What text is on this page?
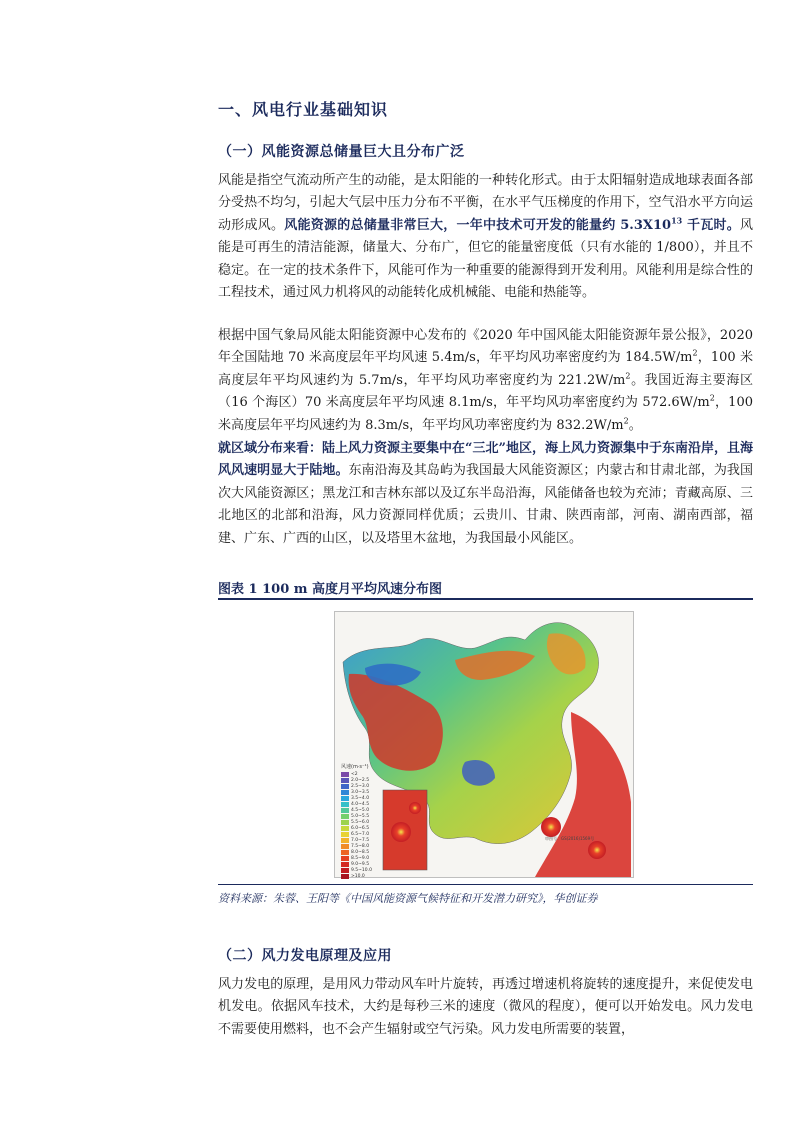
一、风电行业基础知识
（一）风能资源总储量巨大且分布广泛

风能是指空气流动所产生的动能，是太阳能的一种转化形式。由于太阳辐射造成地球表面各部分受热不均匀，引起大气层中压力分布不平衡，在水平气压梯度的作用下，空气沿水平方向运动形成风。风能资源的总储量非常巨大，一年中技术可开发的能量约 $5.3X10^{13}$ 千瓦时。风能是可再生的清洁能源，储量大、分布广，但它的能量密度低（只有水能的 1/800），并且不稳定。在一定的技术条件下，风能可作为一种重要的能源得到开发利用。风能利用是综合性的工程技术，通过风力机将风的动能转化成机械能、电能和热能等。

根据中国气象局风能太阳能资源中心发布的《2020 年中国风能太阳能资源年景公报》，2020 年全国陆地 70 米高度层年平均风速 5.4m/s，年平均风功率密度约为 $184.5W/m^2$，100 米高度层年平均风速约为 5.7m/s，年平均风功率密度约为 $221.2W/m^2$。我国近海主要海区（16 个海区）70 米高度层年平均风速 8.1m/s，年平均风功率密度约为 $572.6W/m^2$，100 米高度层年平均风速约为 8.3m/s，年平均风功率密度约为 $832.2W/m^2$。

就区域分布来看：陆上风力资源主要集中在“三北”地区，海上风力资源集中于东南沿岸，且海风风速明显大于陆地。东南沿海及其岛屿为我国最大风能资源区；内蒙古和甘肃北部，为我国次大风能资源区；黑龙江和吉林东部以及辽东半岛沿海，风能储备也较为充沛；青藏高原、三北地区的北部和沿海，风力资源同样优质；云贵川、甘肃、陕西南部，河南、湖南西部，福建、广东、广西的山区，以及塔里木盆地，为我国最小风能区。

图表 1 100 m 高度月平均风速分布图
风速(m·s⁻¹)
<2
2.0~2.5
2.5~3.0
3.0~3.5
3.5~4.0
4.0~4.5
4.5~5.0
5.0~5.5
5.5~6.0
6.0~6.5
6.5~7.0
7.0~7.5
7.5~8.0
8.0~8.5
8.5~9.0
9.0~9.5
9.5~10.0
>10.0
审图号：GS(2016)1569号
资料来源：朱蓉、王阳等《中国风能资源气候特征和开发潜力研究》，华创证券
（二）风力发电原理及应用

风力发电的原理，是用风力带动风车叶片旋转，再透过增速机将旋转的速度提升，来促使发电机发电。依据风车技术，大约是每秒三米的速度（微风的程度），便可以开始发电。风力发电不需要使用燃料，也不会产生辐射或空气污染。风力发电所需要的装置，
